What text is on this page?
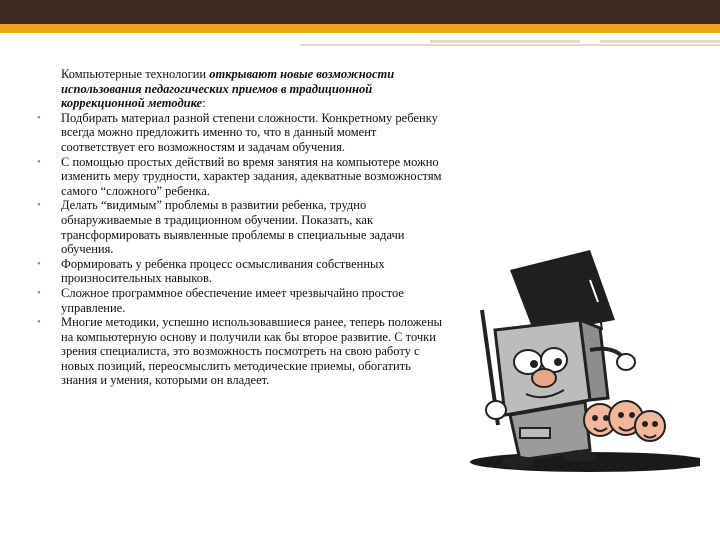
Компьютерные технологии открывают новые возможности использования педагогических приемов в традиционной коррекционной методике:

• Подбирать материал разной степени сложности. Конкретному ребенку всегда можно предложить именно то, что в данный момент соответствует его возможностям и задачам обучения.
• С помощью простых действий во время занятия на компьютере можно изменить меру трудности, характер задания, адекватные возможностям самого “сложного” ребенка.
• Делать “видимым” проблемы в развитии ребенка, трудно обнаруживаемые в традиционном обучении. Показать, как трансформировать выявленные проблемы в специальные задачи обучения.
• Формировать у ребенка процесс осмысливания собственных произносительных навыков.
• Сложное программное обеспечение имеет чрезвычайно простое управление.
• Многие методики, успешно использовавшиеся ранее, теперь положены на компьютерную основу и получили как бы второе развитие. С точки зрения специалиста, это возможность посмотреть на свою работу с новых позиций, переосмыслить методические приемы, обогатить знания и умения, которыми он владеет.
